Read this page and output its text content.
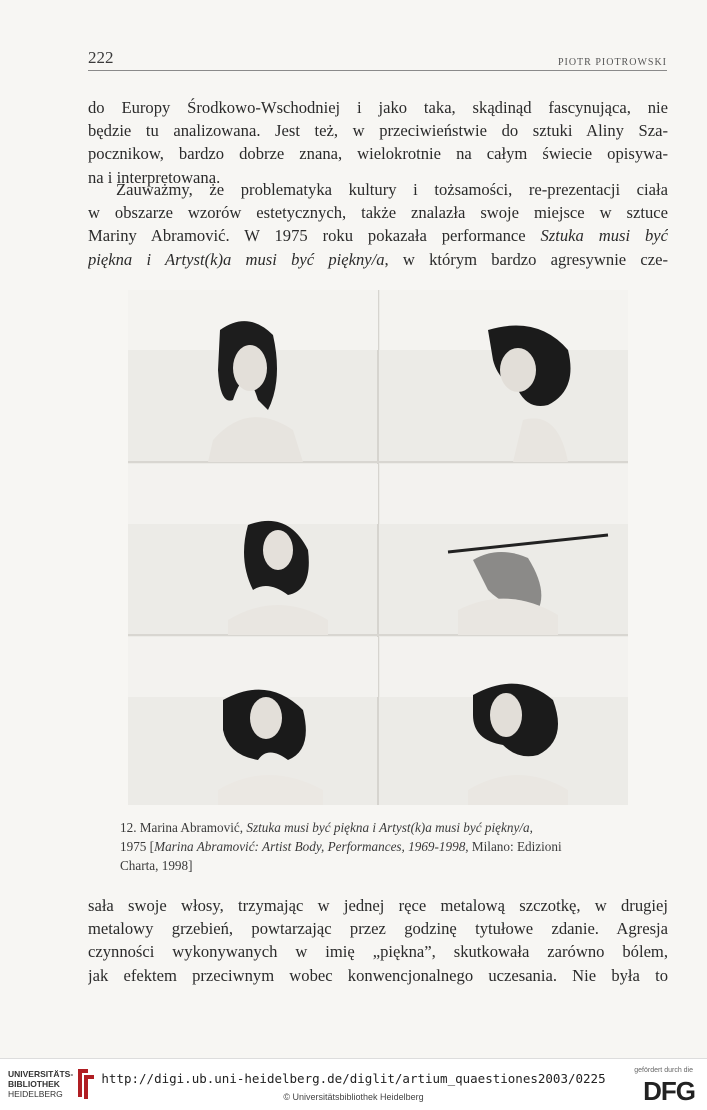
222	PIOTR PIOTROWSKI

do Europy Środkowo-Wschodniej i jako taka, skądinąd fascynująca, nie
będzie tu analizowana. Jest też, w przeciwieństwie do sztuki Aliny Sza-
pocznikow, bardzo dobrze znana, wielokrotnie na całym świecie opisywa-
na i interpretowana.

Zauważmy, że problematyka kultury i tożsamości, re-prezentacji ciała
w obszarze wzorów estetycznych, także znalazła swoje miejsce w sztuce
Mariny Abramović. W 1975 roku pokazała performance Sztuka musi być
piękna i Artyst(k)a musi być piękny/a, w którym bardzo agresywnie cze-

12. Marina Abramović, Sztuka musi być piękna i Artyst(k)a musi być piękny/a,
1975 [Marina Abramović: Artist Body, Performances, 1969-1998, Milano: Edizioni
Charta, 1998]

sała swoje włosy, trzymając w jednej ręce metalową szczotkę, w drugiej
metalowy grzebień, powtarzając przez godzinę tytułowe zdanie. Agresja
czynności wykonywanych w imię „piękna”, skutkowała zarówno bólem,
jak efektem przeciwnym wobec konwencjonalnego uczesania. Nie była to

UNIVERSITÄTS-
BIBLIOTHEK
HEIDELBERG
http://digi.ub.uni-heidelberg.de/diglit/artium_quaestiones2003/0225
© Universitätsbibliothek Heidelberg
gefördert durch die
DFG
